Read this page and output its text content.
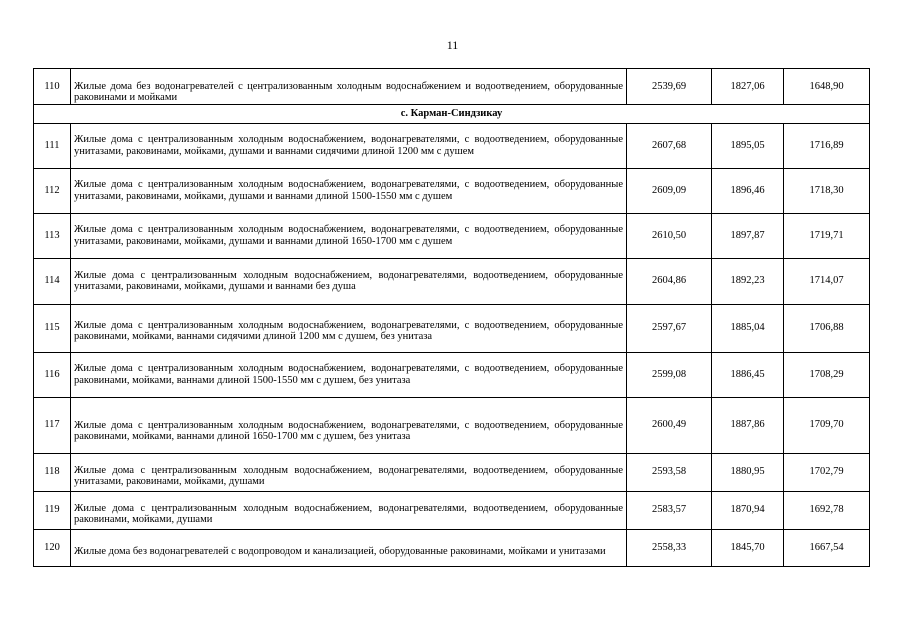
11
110	Жилые дома без водонагревателей с централизованным холодным водоснабжением и водоотведением, оборудованные раковинами и мойками	2539,69	1827,06	1648,90
с. Карман-Синдзикау				
111	Жилые дома с централизованным холодным водоснабжением, водонагревателями, с водоотведением, оборудованные унитазами, раковинами, мойками, душами и ваннами сидячими длиной 1200 мм с душем	2607,68	1895,05	1716,89
112	Жилые дома с централизованным холодным водоснабжением, водонагревателями, с водоотведением, оборудованные унитазами, раковинами, мойками, душами и ваннами длиной 1500-1550 мм с душем	2609,09	1896,46	1718,30
113	Жилые дома с централизованным холодным водоснабжением, водонагревателями, с водоотведением, оборудованные унитазами, раковинами, мойками, душами и ваннами длиной 1650-1700 мм с душем	2610,50	1897,87	1719,71
114	Жилые дома с централизованным холодным водоснабжением, водонагревателями, водоотведением, оборудованные унитазами, раковинами, мойками, душами и ваннами без душа	2604,86	1892,23	1714,07
115	Жилые дома с централизованным холодным водоснабжением, водонагревателями, с водоотведением, оборудованные раковинами, мойками, ваннами сидячими длиной 1200 мм с душем, без унитаза	2597,67	1885,04	1706,88
116	Жилые дома с централизованным холодным водоснабжением, водонагревателями, с водоотведением, оборудованные раковинами, мойками, ваннами длиной 1500-1550 мм с душем, без унитаза	2599,08	1886,45	1708,29
117	Жилые дома с централизованным холодным водоснабжением, водонагревателями, с водоотведением, оборудованные раковинами, мойками, ваннами длиной 1650-1700 мм с душем, без унитаза	2600,49	1887,86	1709,70
118	Жилые дома с централизованным холодным водоснабжением, водонагревателями, водоотведением, оборудованные унитазами, раковинами, мойками, душами	2593,58	1880,95	1702,79
119	Жилые дома с централизованным холодным водоснабжением, водонагревателями, водоотведением, оборудованные раковинами, мойками, душами	2583,57	1870,94	1692,78
120	Жилые дома без водонагревателей с водопроводом и канализацией, оборудованные раковинами, мойками и унитазами	2558,33	1845,70	1667,54
